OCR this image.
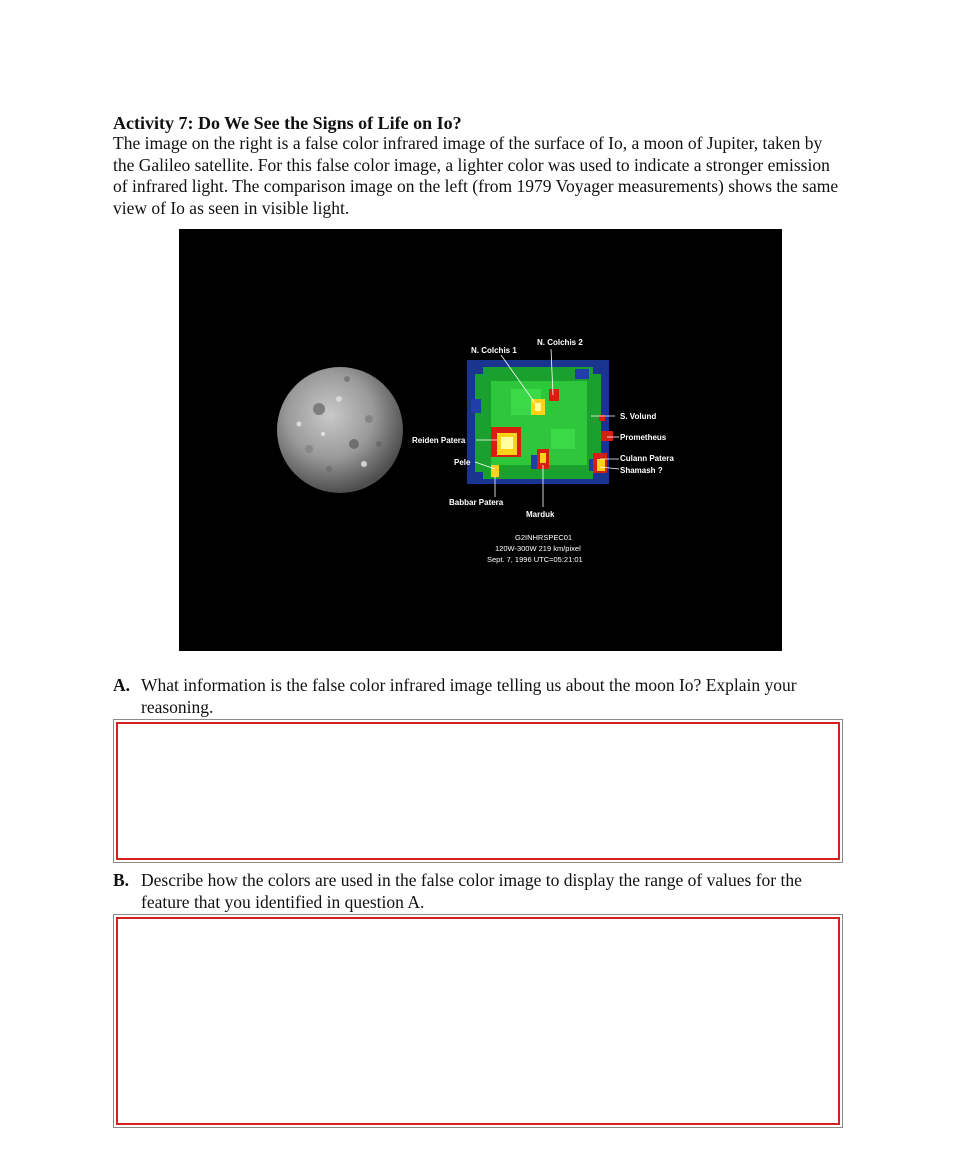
Activity 7: Do We See the Signs of Life on Io?

The image on the right is a false color infrared image of the surface of Io, a moon of Jupiter, taken by the Galileo satellite. For this false color image, a lighter color was used to indicate a stronger emission of infrared light. The comparison image on the left (from 1979 Voyager measurements) shows the same view of Io as seen in visible light.

N. Colchis 1
N. Colchis 2
S. Volund
Prometheus
Culann Patera
Shamash ?
Reiden Patera
Pele
Babbar Patera
Marduk
G2INHRSPEC01
120W-300W 219 km/pixel
Sept. 7, 1996 UTC=05:21:01
A. What information is the false color infrared image telling us about the moon Io? Explain your reasoning.
B. Describe how the colors are used in the false color image to display the range of values for the feature that you identified in question A.
